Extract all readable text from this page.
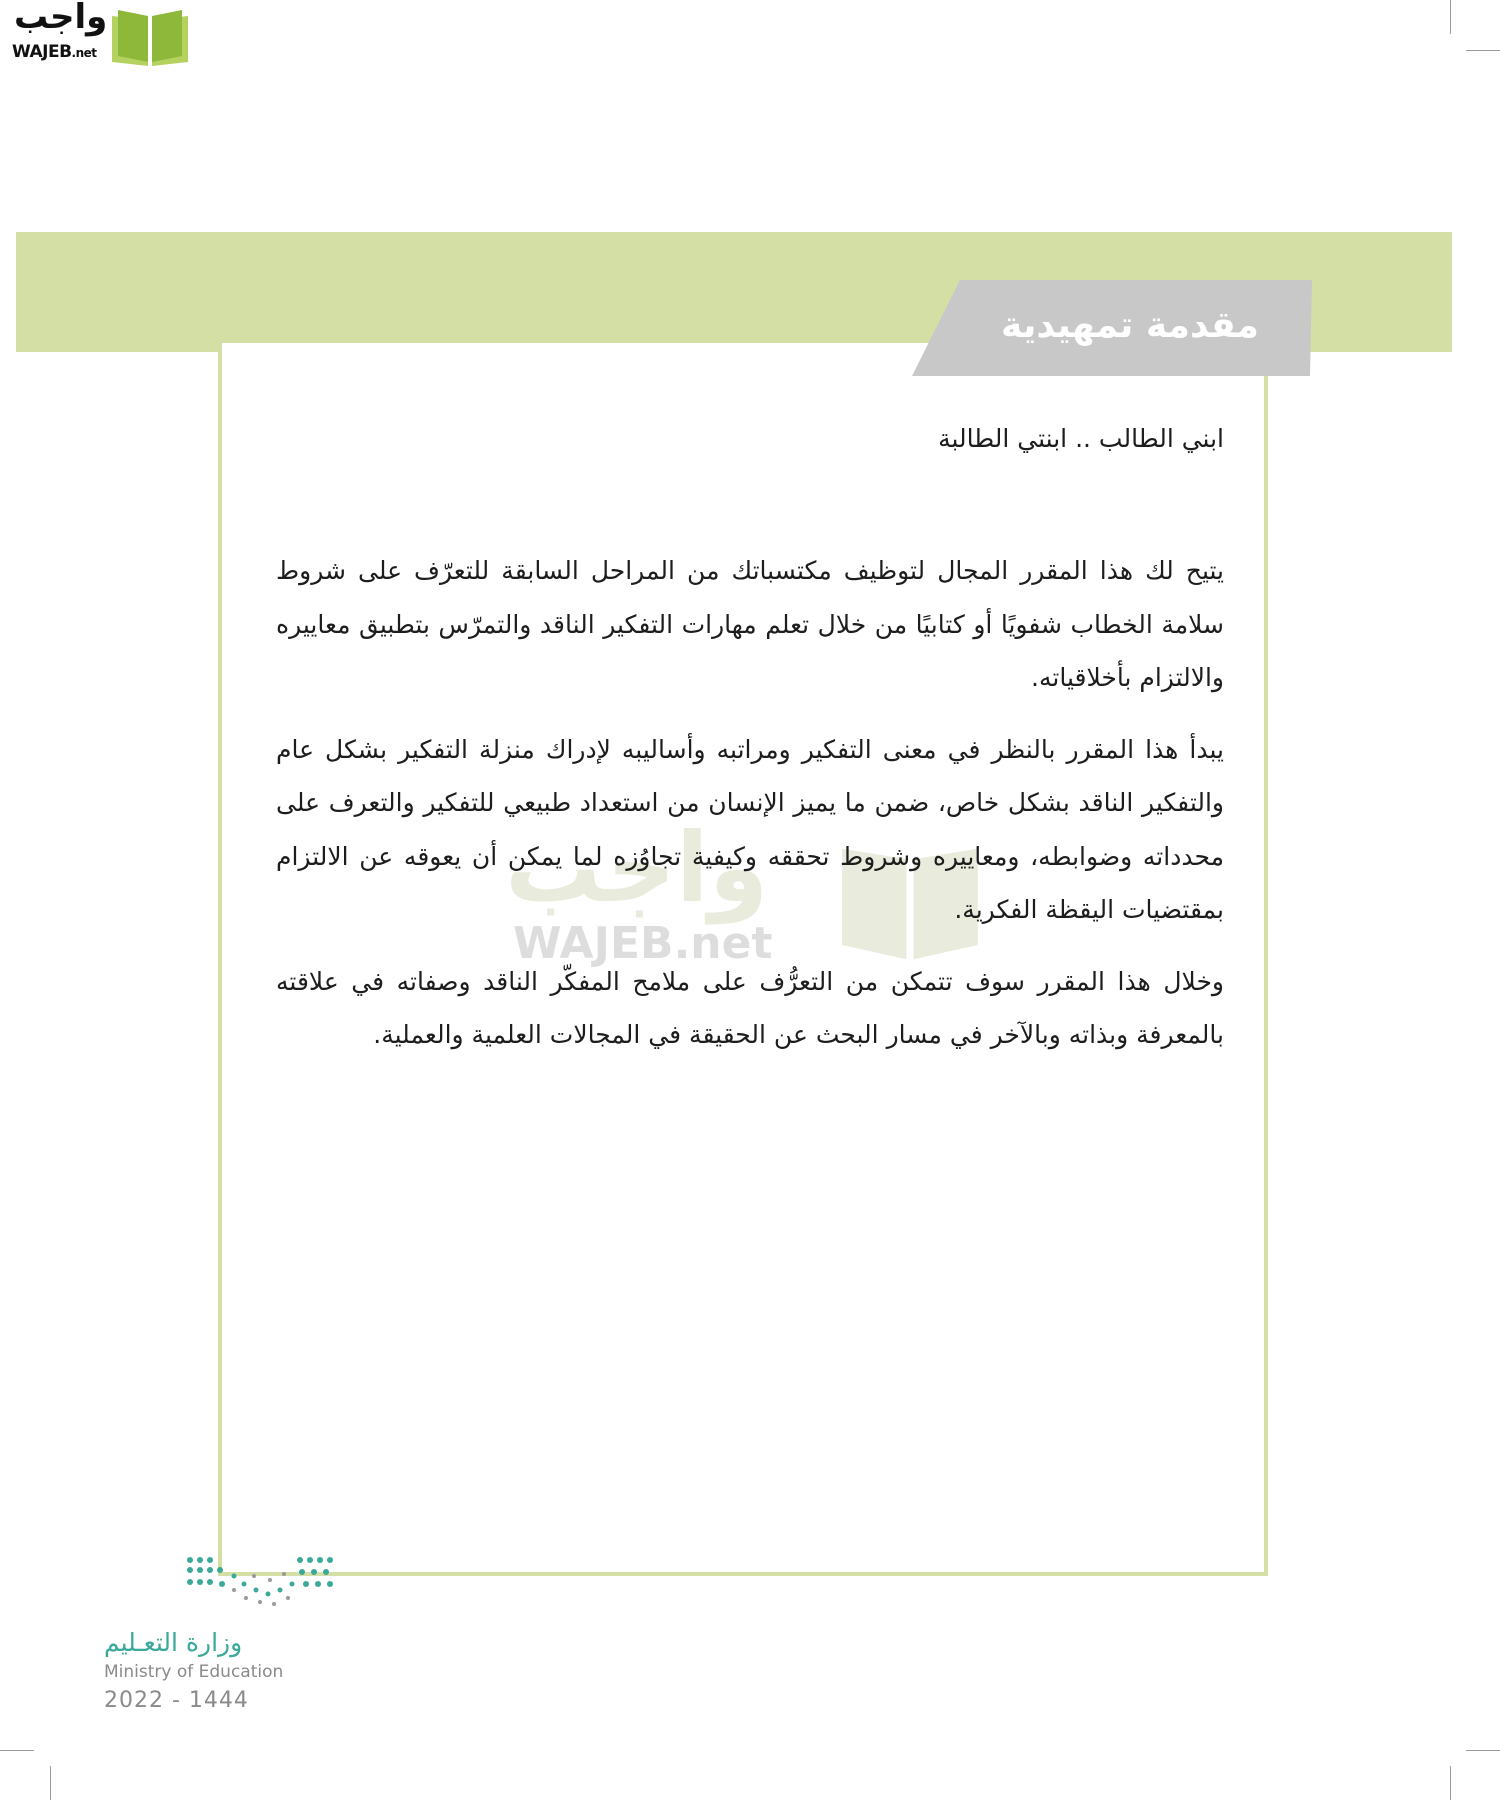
واجب
WAJEB.net
مقدمة تمهيدية

ابني الطالب .. ابنتي الطالبة

يتيح لك هذا المقرر المجال لتوظيف مكتسباتك من المراحل السابقة للتعرّف على شروط سلامة الخطاب شفويًا أو كتابيًا من خلال تعلم مهارات التفكير الناقد والتمرّس بتطبيق معاييره والالتزام بأخلاقياته.

يبدأ هذا المقرر بالنظر في معنى التفكير ومراتبه وأساليبه لإدراك منزلة التفكير بشكل عام والتفكير الناقد بشكل خاص، ضمن ما يميز الإنسان من استعداد طبيعي للتفكير والتعرف على محدداته وضوابطه، ومعاييره وشروط تحققه وكيفية تجاوُزه لما يمكن أن يعوقه عن الالتزام بمقتضيات اليقظة الفكرية.

وخلال هذا المقرر سوف تتمكن من التعرُّف على ملامح المفكّر الناقد وصفاته في علاقته بالمعرفة وبذاته وبالآخر في مسار البحث عن الحقيقة في المجالات العلمية والعملية.

وزارة التعـليم
Ministry of Education
2022 - 1444
